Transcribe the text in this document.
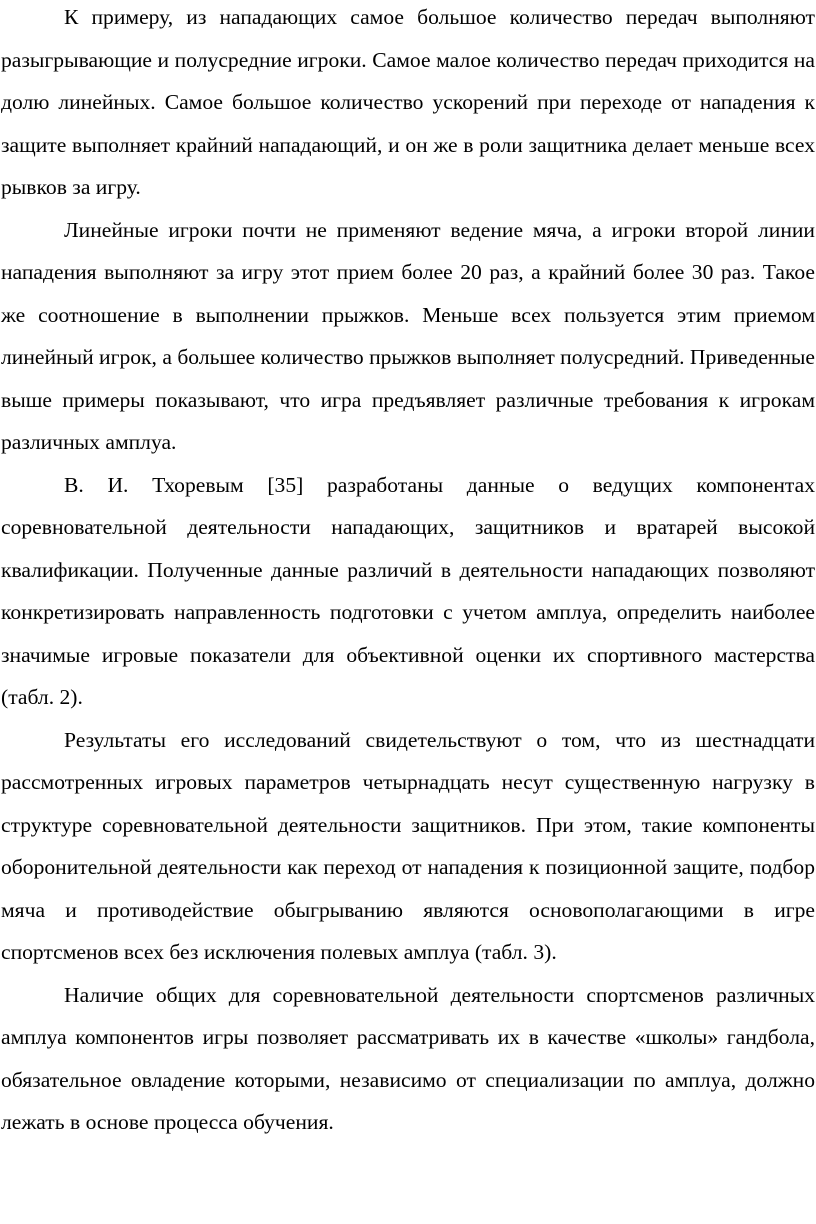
К примеру, из нападающих самое большое количество передач выполняют разыгрывающие и полусредние игроки. Самое малое количество передач приходится на долю линейных. Самое большое количество ускорений при переходе от нападения к защите выполняет крайний нападающий, и он же в роли защитника делает меньше всех рывков за игру.

Линейные игроки почти не применяют ведение мяча, а игроки второй линии нападения выполняют за игру этот прием более 20 раз, а крайний более 30 раз. Такое же соотношение в выполнении прыжков. Меньше всех пользуется этим приемом линейный игрок, а большее количество прыжков выполняет полусредний. Приведенные выше примеры показывают, что игра предъявляет различные требования к игрокам различных амплуа.

В. И. Тхоревым [35] разработаны данные о ведущих компонентах соревновательной деятельности нападающих, защитников и вратарей высокой квалификации. Полученные данные различий в деятельности нападающих позволяют конкретизировать направленность подготовки с учетом амплуа, определить наиболее значимые игровые показатели для объективной оценки их спортивного мастерства (табл. 2).

Результаты его исследований свидетельствуют о том, что из шестнадцати рассмотренных игровых параметров четырнадцать несут существенную нагрузку в структуре соревновательной деятельности защитников. При этом, такие компоненты оборонительной деятельности как переход от нападения к позиционной защите, подбор мяча и противодействие обыгрыванию являются основополагающими в игре спортсменов всех без исключения полевых амплуа (табл. 3).

Наличие общих для соревновательной деятельности спортсменов различных амплуа компонентов игры позволяет рассматривать их в качестве «школы» гандбола, обязательное овладение которыми, независимо от специализации по амплуа, должно лежать в основе процесса обучения.
